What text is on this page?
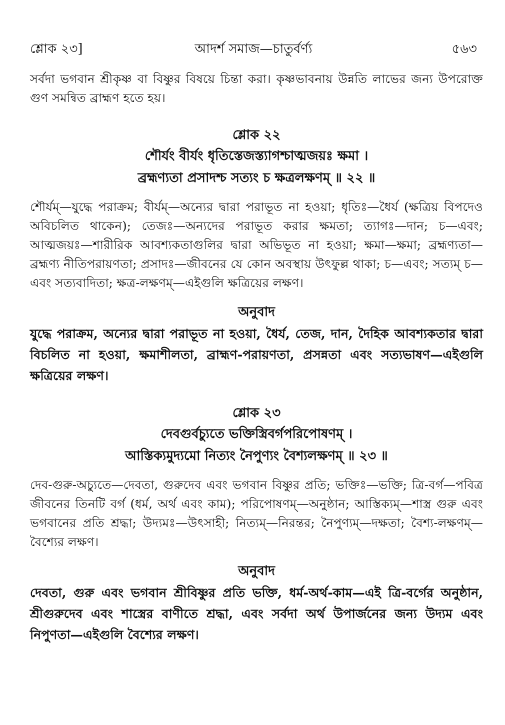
শ্লোক ২৩]	আদর্শ সমাজ—চাতুর্বর্ণ্য	৫৬৩

সর্বদা ভগবান শ্রীকৃষ্ণ বা বিষ্ণুর বিষয়ে চিন্তা করা। কৃষ্ণভাবনায় উন্নতি লাভের জন্য উপরোক্ত গুণ সমন্বিত ব্রাহ্মণ হতে হয়।

শ্লোক ২২
শৌর্যং বীর্যং ধৃতিস্তেজস্ত্যাগশ্চাত্মজয়ঃ ক্ষমা ।
ব্রহ্মণ্যতা প্রসাদশ্চ সত্যং চ ক্ষত্রলক্ষণম্ ॥ ২২ ॥

শৌর্যম্—যুদ্ধে পরাক্রম; বীর্যম্—অন্যের দ্বারা পরাভূত না হওয়া; ধৃতিঃ—ধৈর্য (ক্ষত্রিয় বিপদেও অবিচলিত থাকেন); তেজঃ—অন্যদের পরাভূত করার ক্ষমতা; ত্যাগঃ—দান; চ—এবং; আত্মজয়ঃ—শারীরিক আবশ্যকতাগুলির দ্বারা অভিভূত না হওয়া; ক্ষমা—ক্ষমা; ব্রহ্মণ্যতা—ব্রহ্মণ্য নীতিপরায়ণতা; প্রসাদঃ—জীবনের যে কোন অবস্থায় উৎফুল্ল থাকা; চ—এবং; সত্যম্ চ—এবং সত্যবাদিতা; ক্ষত্র-লক্ষণম্—এইগুলি ক্ষত্রিয়ের লক্ষণ।

অনুবাদ

যুদ্ধে পরাক্রম, অন্যের দ্বারা পরাভূত না হওয়া, ধৈর্য, তেজ, দান, দৈহিক আবশ্যকতার দ্বারা বিচলিত না হওয়া, ক্ষমাশীলতা, ব্রাহ্মণ-পরায়ণতা, প্রসন্নতা এবং সত্যভাষণ—এইগুলি ক্ষত্রিয়ের লক্ষণ।

শ্লোক ২৩
দেবগুর্বচ্যুতে ভক্তিস্ত্রিবর্গপরিপোষণম্ ।
আস্তিক্যমুদ্যমো নিত্যং নৈপুণ্যং বৈশ্যলক্ষণম্ ॥ ২৩ ॥

দেব-গুরু-অচ্যুতে—দেবতা, গুরুদেব এবং ভগবান বিষ্ণুর প্রতি; ভক্তিঃ—ভক্তি; ত্রি-বর্গ—পবিত্র জীবনের তিনটি বর্গ (ধর্ম, অর্থ এবং কাম); পরিপোষণম্—অনুষ্ঠান; আস্তিক্যম্—শাস্ত্র গুরু এবং ভগবানের প্রতি শ্রদ্ধা; উদ্যমঃ—উৎসাহী; নিত্যম্—নিরন্তর; নৈপুণ্যম্—দক্ষতা; বৈশ্য-লক্ষণম্—বৈশ্যের লক্ষণ।

অনুবাদ

দেবতা, গুরু এবং ভগবান শ্রীবিষ্ণুর প্রতি ভক্তি, ধর্ম-অর্থ-কাম—এই ত্রি-বর্গের অনুষ্ঠান, শ্রীগুরুদেব এবং শাস্ত্রের বাণীতে শ্রদ্ধা, এবং সর্বদা অর্থ উপার্জনের জন্য উদ্যম এবং নিপুণতা—এইগুলি বৈশ্যের লক্ষণ।
